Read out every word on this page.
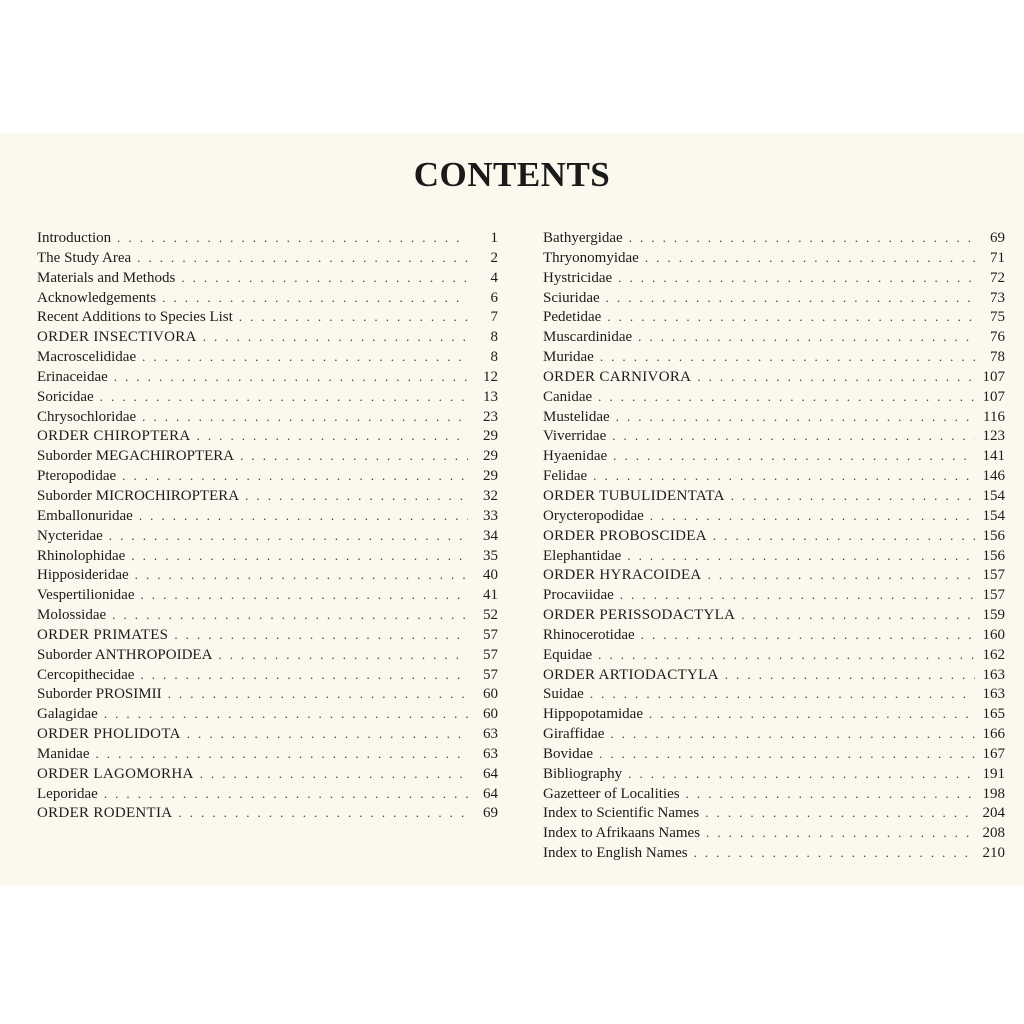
CONTENTS
Introduction . . .	1
The Study Area . . .	2
Materials and Methods . . .	4
Acknowledgements . . .	6
Recent Additions to Species List . . .	7
ORDER INSECTIVORA . . .	8
Macroscelididae . . .	8
Erinaceidae . . .	12
Soricidae . . .	13
Chrysochloridae . . .	23
ORDER CHIROPTERA . . .	29
Suborder MEGACHIROPTERA . . .	29
Pteropodidae . . .	29
Suborder MICROCHIROPTERA . . .	32
Emballonuridae . . .	33
Nycteridae . . .	34
Rhinolophidae . . .	35
Hipposideridae . . .	40
Vespertilionidae . . .	41
Molossidae . . .	52
ORDER PRIMATES . . .	57
Suborder ANTHROPOIDEA . . .	57
Cercopithecidae . . .	57
Suborder PROSIMII . . .	60
Galagidae . . .	60
ORDER PHOLIDOTA . . .	63
Manidae . . .	63
ORDER LAGOMORHA . . .	64
Leporidae . . .	64
ORDER RODENTIA . . .	69
Bathyergidae . . .	69
Thryonomyidae . . .	71
Hystricidae . . .	72
Sciuridae . . .	73
Pedetidae . . .	75
Muscardinidae . . .	76
Muridae . . .	78
ORDER CARNIVORA . . .	107
Canidae . . .	107
Mustelidae . . .	116
Viverridae . . .	123
Hyaenidae . . .	141
Felidae . . .	146
ORDER TUBULIDENTATA . . .	154
Orycteropodidae . . .	154
ORDER PROBOSCIDEA . . .	156
Elephantidae . . .	156
ORDER HYRACOIDEA . . .	157
Procaviidae . . .	157
ORDER PERISSODACTYLA . . .	159
Rhinocerotidae . . .	160
Equidae . . .	162
ORDER ARTIODACTYLA . . .	163
Suidae . . .	163
Hippopotamidae . . .	165
Giraffidae . . .	166
Bovidae . . .	167
Bibliography . . .	191
Gazetteer of Localities . . .	198
Index to Scientific Names . . .	204
Index to Afrikaans Names . . .	208
Index to English Names . . .	210
